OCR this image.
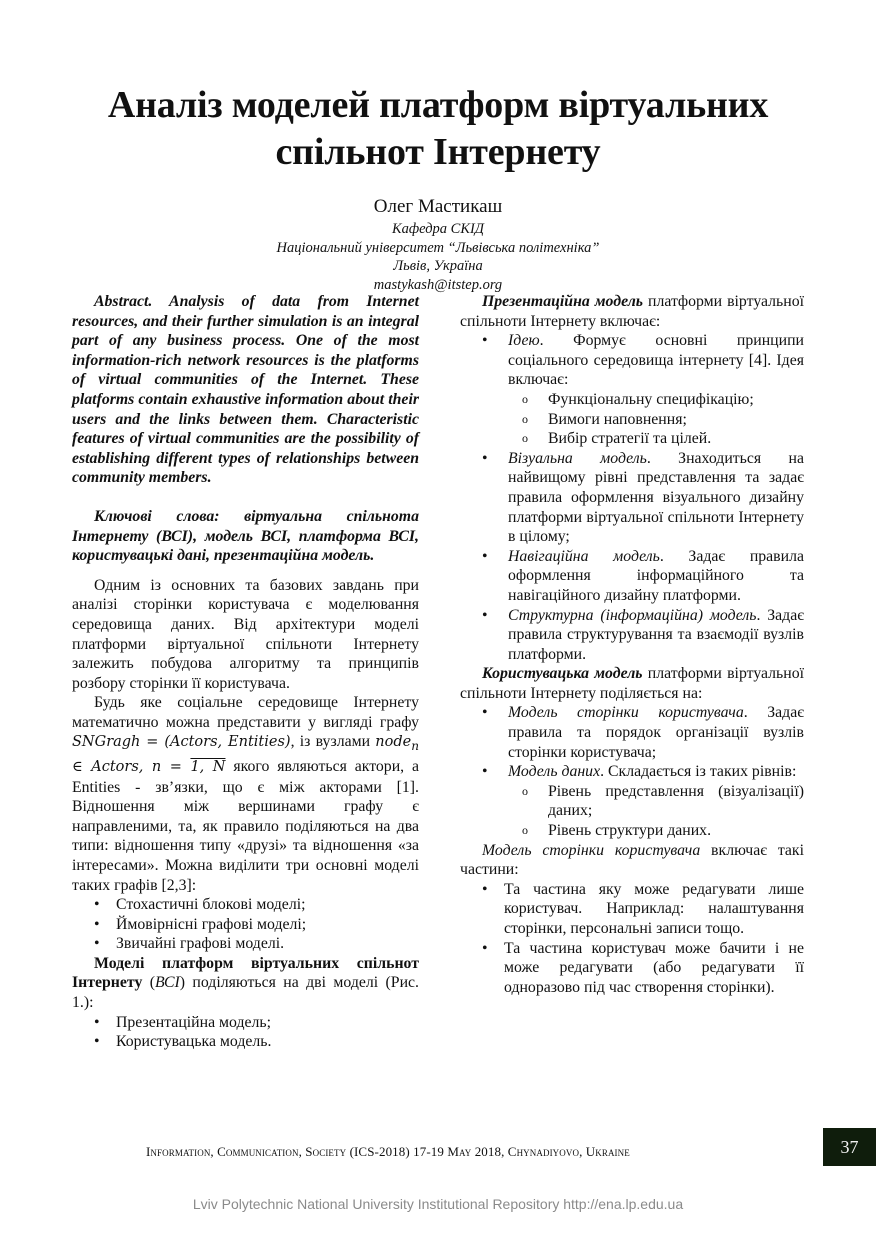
Аналіз моделей платформ віртуальних
спільнот Інтернету
Олег Мастикаш
Кафедра СКІД
Національний університет “Львівська політехніка”
Львів, Україна
mastykash@itstep.org

Abstract. Analysis of data from Internet resources, and their further simulation is an integral part of any business process. One of the most information-rich network resources is the platforms of virtual communities of the Internet. These platforms contain exhaustive information about their users and the links between them. Characteristic features of virtual communities are the possibility of establishing different types of relationships between community members.

Ключові слова: віртуальна спільнота Інтернету (ВСІ), модель ВСІ, платформа ВСІ, користувацькі дані, презентаційна модель.

Одним із основних та базових завдань при аналізі сторінки користувача є моделювання середовища даних. Від архітектури моделі платформи віртуальної спільноти Інтернету залежить побудова алгоритму та принципів розбору сторінки її користувача.

Будь яке соціальне середовище Інтернету математично можна представити у вигляді графу SNGragh = (Actors, Entities), із вузлами node$_n$ ∈ Actors, n = 1, N якого являються актори, а Entities - зв’язки, що є між акторами [1]. Відношення між вершинами графу є направленими, та, як правило поділяються на два типи: відношення типу «друзі» та відношення «за інтересами». Можна виділити три основні моделі таких графів [2,3]:

• Стохастичні блокові моделі;
• Ймовірнісні графові моделі;
• Звичайні графові моделі.

Моделі платформ віртуальних спільнот Інтернету (ВСІ) поділяються на дві моделі (Рис. 1.):

• Презентаційна модель;
• Користувацька модель.

Презентаційна модель платформи віртуальної спільноти Інтернету включає:

• Ідею. Формує основні принципи соціального середовища інтернету [4]. Ідея включає:
o Функціональну специфікацію;
o Вимоги наповнення;
o Вибір стратегії та цілей.
• Візуальна модель. Знаходиться на найвищому рівні представлення та задає правила оформлення візуального дизайну платформи віртуальної спільноти Інтернету в цілому;
• Навігаційна модель. Задає правила оформлення інформаційного та навігаційного дизайну платформи.
• Структурна (інформаційна) модель. Задає правила структурування та взаємодії вузлів платформи.

Користувацька модель платформи віртуальної спільноти Інтернету поділяється на:

• Модель сторінки користувача. Задає правила та порядок організації вузлів сторінки користувача;
• Модель даних. Складається із таких рівнів:
o Рівень представлення (візуалізації) даних;
o Рівень структури даних.

Модель сторінки користувача включає такі частини:

• Та частина яку може редагувати лише користувач. Наприклад: налаштування сторінки, персональні записи тощо.
• Та частина користувач може бачити і не може редагувати (або редагувати її одноразово під час створення сторінки).
Information, Communication, Society (ICS-2018) 17-19 May 2018, Chynadiyovo, Ukraine	37
Lviv Polytechnic National University Institutional Repository http://ena.lp.edu.ua
